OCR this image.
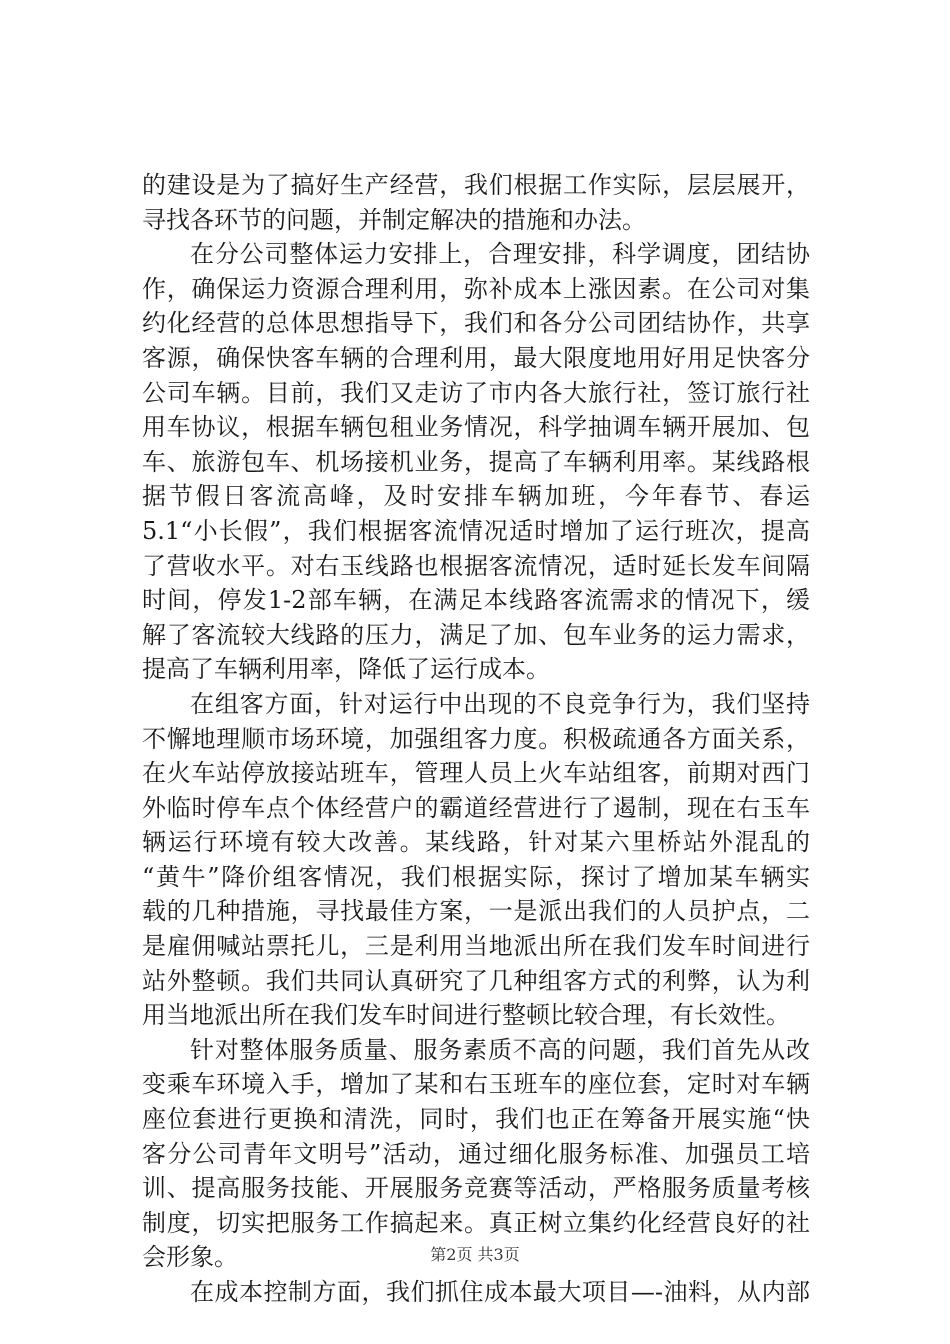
的建设是为了搞好生产经营，我们根据工作实际，层层展开，
寻找各环节的问题，并制定解决的措施和办法。
在分公司整体运力安排上，合理安排，科学调度，团结协
作，确保运力资源合理利用，弥补成本上涨因素。在公司对集
约化经营的总体思想指导下，我们和各分公司团结协作，共享
客源，确保快客车辆的合理利用，最大限度地用好用足快客分
公司车辆。目前，我们又走访了市内各大旅行社，签订旅行社
用车协议，根据车辆包租业务情况，科学抽调车辆开展加、包
车、旅游包车、机场接机业务，提高了车辆利用率。某线路根
据节假日客流高峰，及时安排车辆加班，今年春节、春运
5.1“小长假”，我们根据客流情况适时增加了运行班次，提高
了营收水平。对右玉线路也根据客流情况，适时延长发车间隔
时间，停发1-2部车辆，在满足本线路客流需求的情况下，缓
解了客流较大线路的压力，满足了加、包车业务的运力需求，
提高了车辆利用率，降低了运行成本。
在组客方面，针对运行中出现的不良竞争行为，我们坚持
不懈地理顺市场环境，加强组客力度。积极疏通各方面关系，
在火车站停放接站班车，管理人员上火车站组客，前期对西门
外临时停车点个体经营户的霸道经营进行了遏制，现在右玉车
辆运行环境有较大改善。某线路，针对某六里桥站外混乱的
“黄牛”降价组客情况，我们根据实际，探讨了增加某车辆实
载的几种措施，寻找最佳方案，一是派出我们的人员护点，二
是雇佣喊站票托儿，三是利用当地派出所在我们发车时间进行
站外整顿。我们共同认真研究了几种组客方式的利弊，认为利
用当地派出所在我们发车时间进行整顿比较合理，有长效性。
针对整体服务质量、服务素质不高的问题，我们首先从改
变乘车环境入手，增加了某和右玉班车的座位套，定时对车辆
座位套进行更换和清洗，同时，我们也正在筹备开展实施“快
客分公司青年文明号”活动，通过细化服务标准、加强员工培
训、提高服务技能、开展服务竞赛等活动，严格服务质量考核
制度，切实把服务工作搞起来。真正树立集约化经营良好的社
会形象。
在成本控制方面，我们抓住成本最大项目—-油料，从内部
第2页 共3页
